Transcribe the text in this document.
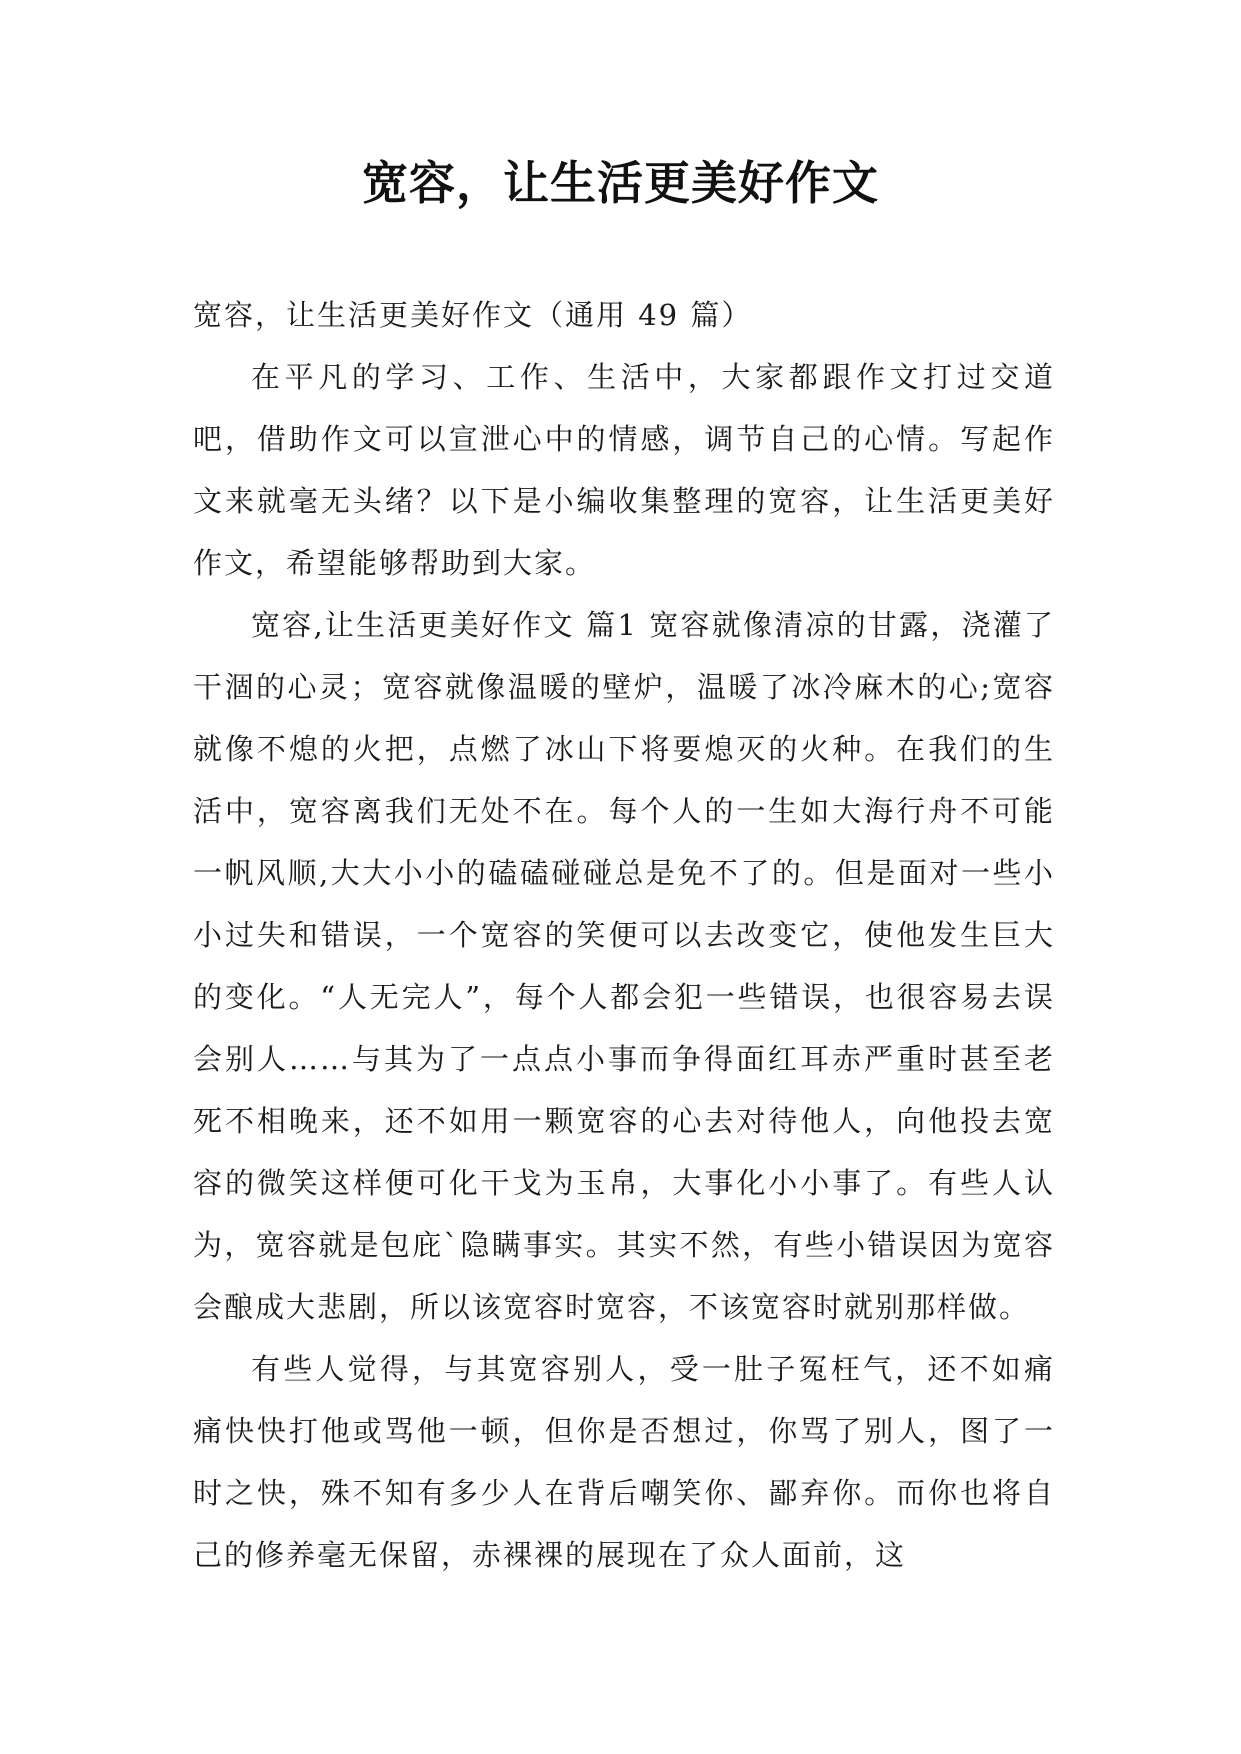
宽容，让生活更美好作文

宽容，让生活更美好作文（通用 49 篇）

在平凡的学习、工作、生活中，大家都跟作文打过交道吧，借助作文可以宣泄心中的情感，调节自己的心情。写起作文来就毫无头绪？以下是小编收集整理的宽容，让生活更美好作文，希望能够帮助到大家。

宽容,让生活更美好作文 篇1 宽容就像清凉的甘露，浇灌了干涸的心灵；宽容就像温暖的壁炉，温暖了冰冷麻木的心;宽容就像不熄的火把，点燃了冰山下将要熄灭的火种。在我们的生活中，宽容离我们无处不在。每个人的一生如大海行舟不可能一帆风顺,大大小小的磕磕碰碰总是免不了的。但是面对一些小小过失和错误，一个宽容的笑便可以去改变它，使他发生巨大的变化。“人无完人”，每个人都会犯一些错误，也很容易去误会别人……与其为了一点点小事而争得面红耳赤严重时甚至老死不相晚来，还不如用一颗宽容的心去对待他人，向他投去宽容的微笑这样便可化干戈为玉帛，大事化小小事了。有些人认为，宽容就是包庇`隐瞒事实。其实不然，有些小错误因为宽容会酿成大悲剧，所以该宽容时宽容，不该宽容时就别那样做。

有些人觉得，与其宽容别人，受一肚子冤枉气，还不如痛痛快快打他或骂他一顿，但你是否想过，你骂了别人，图了一时之快，殊不知有多少人在背后嘲笑你、鄙弃你。而你也将自己的修养毫无保留，赤裸裸的展现在了众人面前，这
